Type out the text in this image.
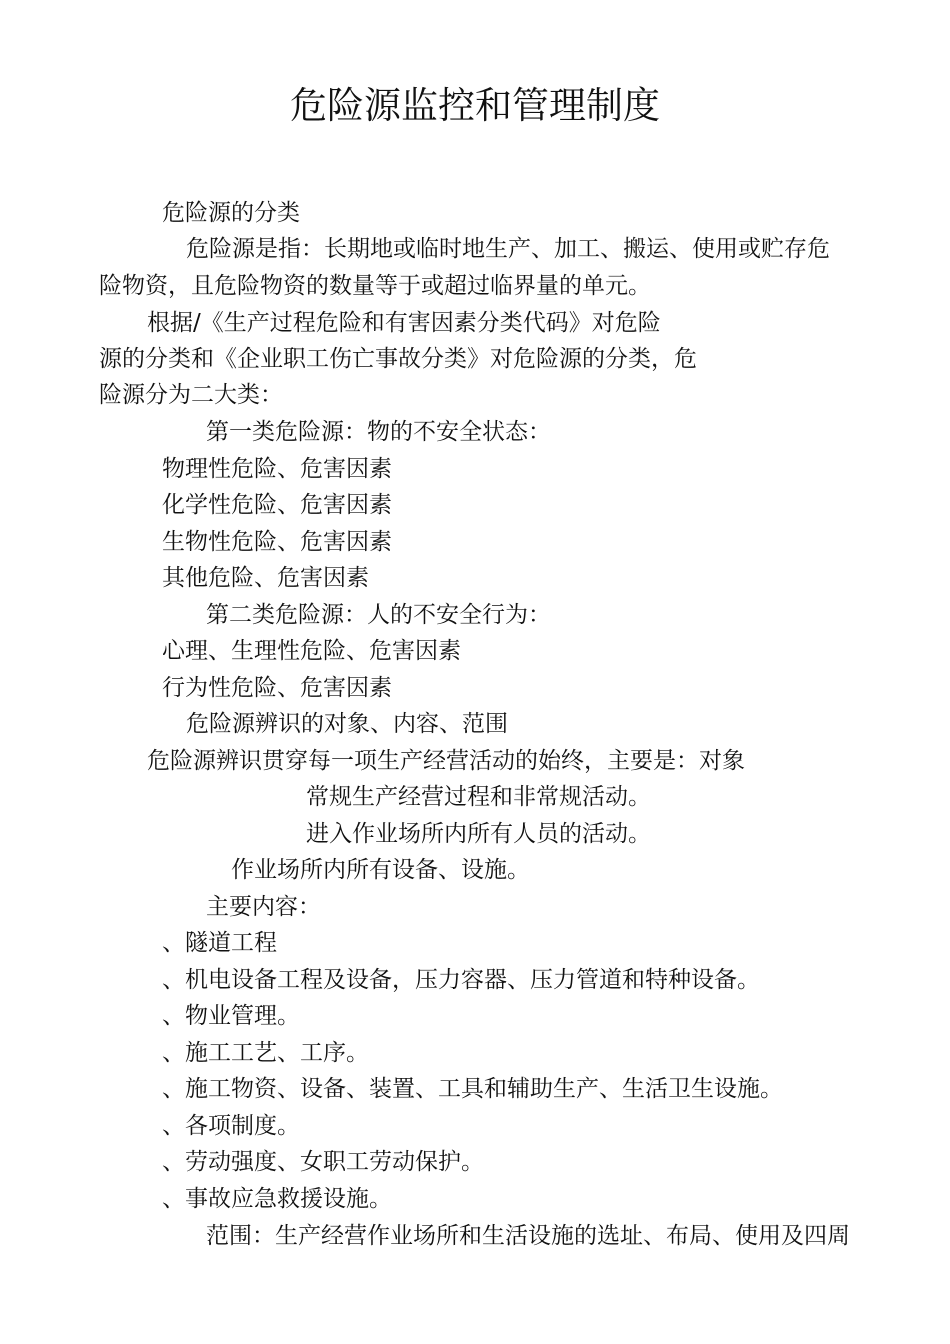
危险源监控和管理制度
危险源的分类
危险源是指：长期地或临时地生产、加工、搬运、使用或贮存危
险物资，且危险物资的数量等于或超过临界量的单元。
根据/《生产过程危险和有害因素分类代码》对危险
源的分类和《企业职工伤亡事故分类》对危险源的分类，危
险源分为二大类：
第一类危险源：物的不安全状态：
物理性危险、危害因素
化学性危险、危害因素
生物性危险、危害因素
其他危险、危害因素
第二类危险源：人的不安全行为：
心理、生理性危险、危害因素
行为性危险、危害因素
危险源辨识的对象、内容、范围
危险源辨识贯穿每一项生产经营活动的始终，主要是：对象
常规生产经营过程和非常规活动。
进入作业场所内所有人员的活动。
作业场所内所有设备、设施。
主要内容：
、隧道工程
、机电设备工程及设备，压力容器、压力管道和特种设备。
、物业管理。
、施工工艺、工序。
、施工物资、设备、装置、工具和辅助生产、生活卫生设施。
、各项制度。
、劳动强度、女职工劳动保护。
、事故应急救援设施。
范围：生产经营作业场所和生活设施的选址、布局、使用及四周
